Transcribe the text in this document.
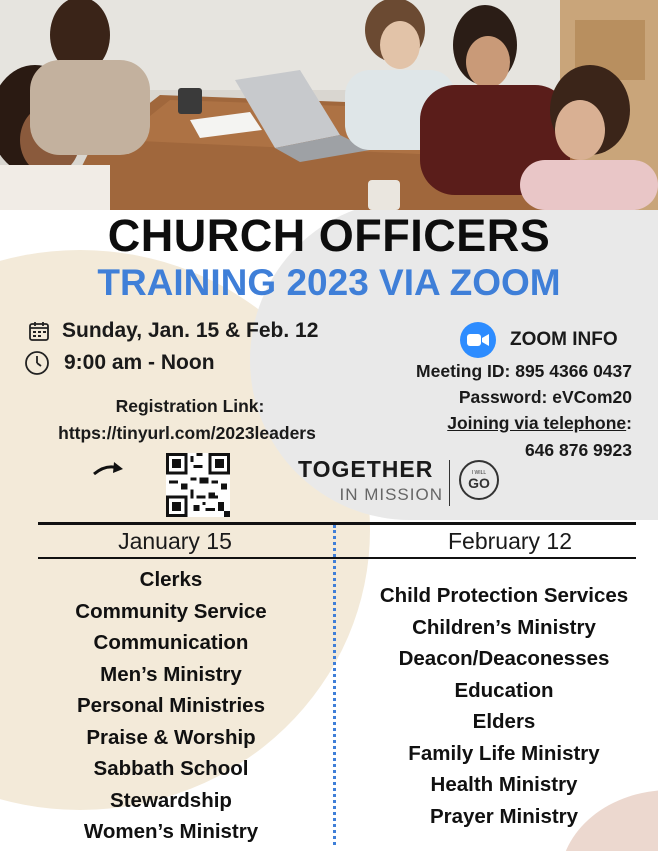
CHURCH OFFICERS
TRAINING 2023 VIA ZOOM
Sunday, Jan. 15 & Feb. 12
9:00 am - Noon
Registration Link:
https://tinyurl.com/2023leaders
ZOOM INFO
Meeting ID: 895 4366 0437
Password: eVCom20
Joining via telephone:
646 876 9923
TOGETHER
IN MISSION
I WILL
GO
January 15	February 12
Clerks
Community Service
Communication
Men’s Ministry
Personal Ministries
Praise & Worship
Sabbath School
Stewardship
Women’s Ministry
Child Protection Services
Children’s Ministry
Deacon/Deaconesses
Education
Elders
Family Life Ministry
Health Ministry
Prayer Ministry
